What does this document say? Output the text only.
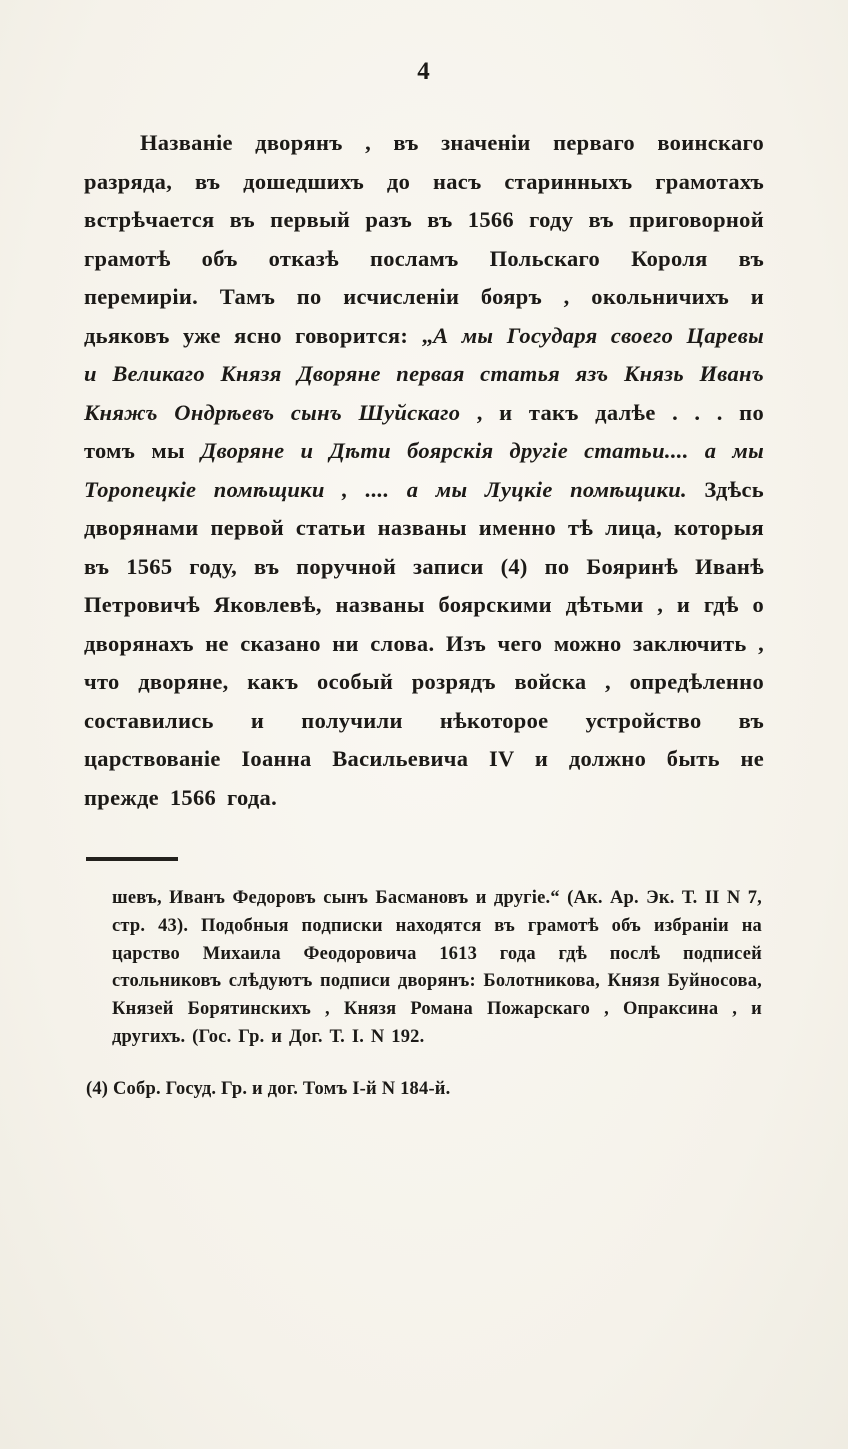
4
Названіе дворянъ , въ значеніи перваго воинскаго разряда, въ дошедшихъ до насъ старинныхъ грамотахъ встрѣчается въ первый разъ въ 1566 году въ приговорной грамотѣ объ отказѣ посламъ Польскаго Короля въ перемиріи. Тамъ по исчисленіи бояръ , окольничихъ и дьяковъ уже ясно говорится: „А мы Государя своего Царевы и Великаго Князя Дворяне первая статья язъ Князь Иванъ Княжъ Ондрѣевъ сынъ Шуйскаго , и такъ далѣе . . . по томъ мы Дворяне и Дѣти боярскія другіе статьи.... а мы Торопецкіе помѣщики , .... а мы Луцкіе помѣщики. Здѣсь дворянами первой статьи названы именно тѣ лица, которыя въ 1565 году, въ поручной записи (4) по Бояринѣ Иванѣ Петровичѣ Яковлевѣ, названы боярскими дѣтьми , и гдѣ о дворянахъ не сказано ни слова. Изъ чего можно заключить , что дворяне, какъ особый розрядъ войска , опредѣленно составились и получили нѣкоторое устройство въ царствованіе Іоанна Васильевича IV и должно быть не прежде 1566 года.
шевъ, Иванъ Федоровъ сынъ Басмановъ и другіе.“ (Ак. Ар. Эк. Т. II N 7, стр. 43). Подобныя подписки находятся въ грамотѣ объ избраніи на царство Михаила Феодоровича 1613 года гдѣ послѣ подписей стольниковъ слѣдуютъ подписи дворянъ: Болотникова, Князя Буйносова, Князей Борятинскихъ , Князя Романа Пожарскаго , Опраксина , и другихъ. (Гос. Гр. и Дог. Т. I. N 192.
(4) Собр. Госуд. Гр. и дог. Томъ I-й N 184-й.
